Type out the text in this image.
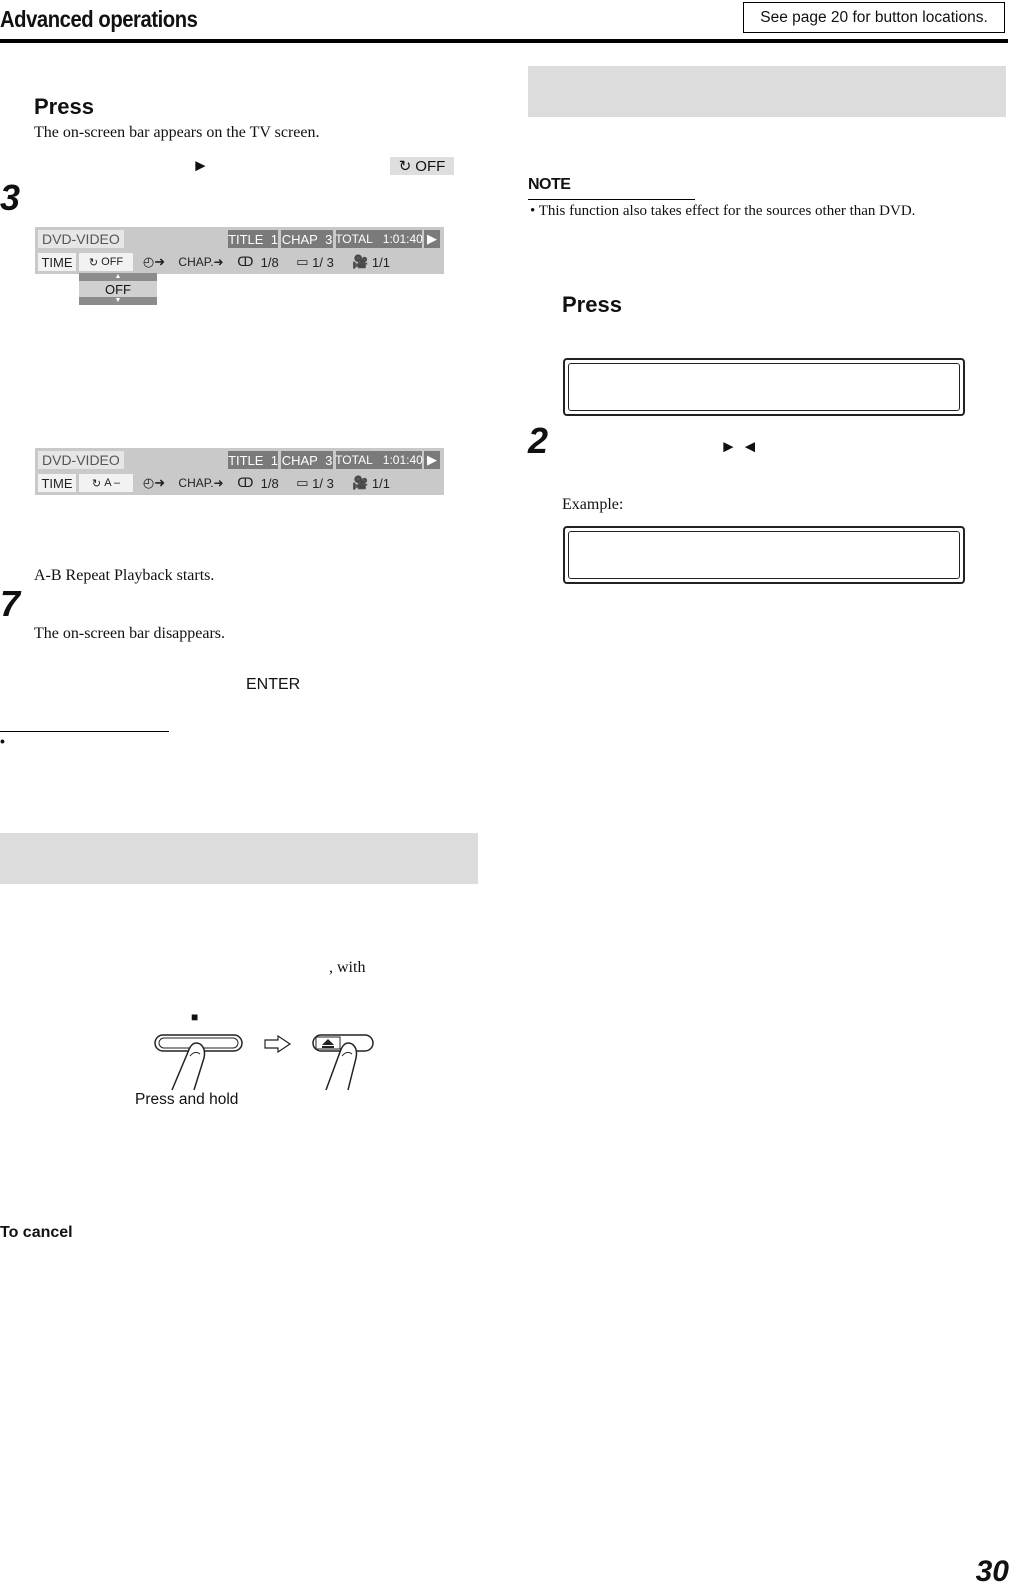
Advanced operations	See page 20 for button locations.
Press
The on-screen bar appears on the TV screen.
►	↻ OFF
3
DVD-VIDEO	TITLE
1 CHAP
3 TOTAL
1:01:40 ▶
TIME	↻
OFF	◴➜	CHAP.➜	ↀ
1/8 ▭
1/ 3 🎥
1/1
▲
OFF
▼
DVD-VIDEO	TITLE
1 CHAP
3 TOTAL
1:01:40 ▶
TIME	↻
A –	◴➜	CHAP.➜	ↀ
1/8 ▭
1/ 3 🎥
1/1
A-B Repeat Playback starts.
7
The on-screen bar disappears.
ENTER
•
, with
■
Press and hold
To cancel
NOTE
• This function also takes effect for the sources other than DVD.
Press
2	► ◄
Example:
30
